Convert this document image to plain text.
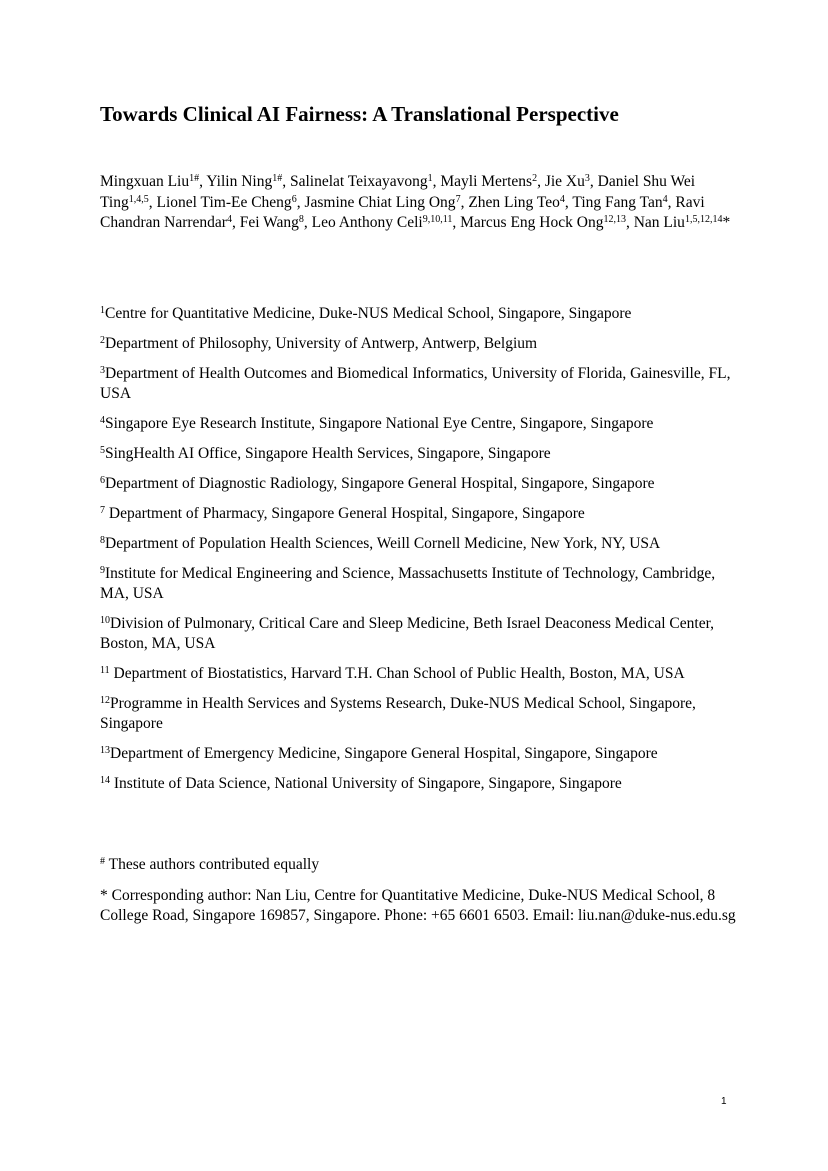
Towards Clinical AI Fairness: A Translational Perspective
Mingxuan Liu$^{1\#}$, Yilin Ning$^{1\#}$, Salinelat Teixayavong$^1$, Mayli Mertens$^2$, Jie Xu$^3$, Daniel Shu Wei Ting$^{1,4,5}$, Lionel Tim-Ee Cheng$^6$, Jasmine Chiat Ling Ong$^7$, Zhen Ling Teo$^4$, Ting Fang Tan$^4$, Ravi Chandran Narrendar$^4$, Fei Wang$^8$, Leo Anthony Celi$^{9,10,11}$, Marcus Eng Hock Ong$^{12,13}$, Nan Liu$^{1,5,12,14}$*
$^1$Centre for Quantitative Medicine, Duke-NUS Medical School, Singapore, Singapore
$^2$Department of Philosophy, University of Antwerp, Antwerp, Belgium
$^3$Department of Health Outcomes and Biomedical Informatics, University of Florida, Gainesville, FL, USA
$^4$Singapore Eye Research Institute, Singapore National Eye Centre, Singapore, Singapore
$^5$SingHealth AI Office, Singapore Health Services, Singapore, Singapore
$^6$Department of Diagnostic Radiology, Singapore General Hospital, Singapore, Singapore
$^7$ Department of Pharmacy, Singapore General Hospital, Singapore, Singapore
$^8$Department of Population Health Sciences, Weill Cornell Medicine, New York, NY, USA
$^9$Institute for Medical Engineering and Science, Massachusetts Institute of Technology, Cambridge, MA, USA
$^{10}$Division of Pulmonary, Critical Care and Sleep Medicine, Beth Israel Deaconess Medical Center, Boston, MA, USA
$^{11}$ Department of Biostatistics, Harvard T.H. Chan School of Public Health, Boston, MA, USA
$^{12}$Programme in Health Services and Systems Research, Duke-NUS Medical School, Singapore, Singapore
$^{13}$Department of Emergency Medicine, Singapore General Hospital, Singapore, Singapore
$^{14}$ Institute of Data Science, National University of Singapore, Singapore, Singapore
# These authors contributed equally
* Corresponding author: Nan Liu, Centre for Quantitative Medicine, Duke-NUS Medical School, 8 College Road, Singapore 169857, Singapore. Phone: +65 6601 6503. Email: liu.nan@duke-nus.edu.sg
1
